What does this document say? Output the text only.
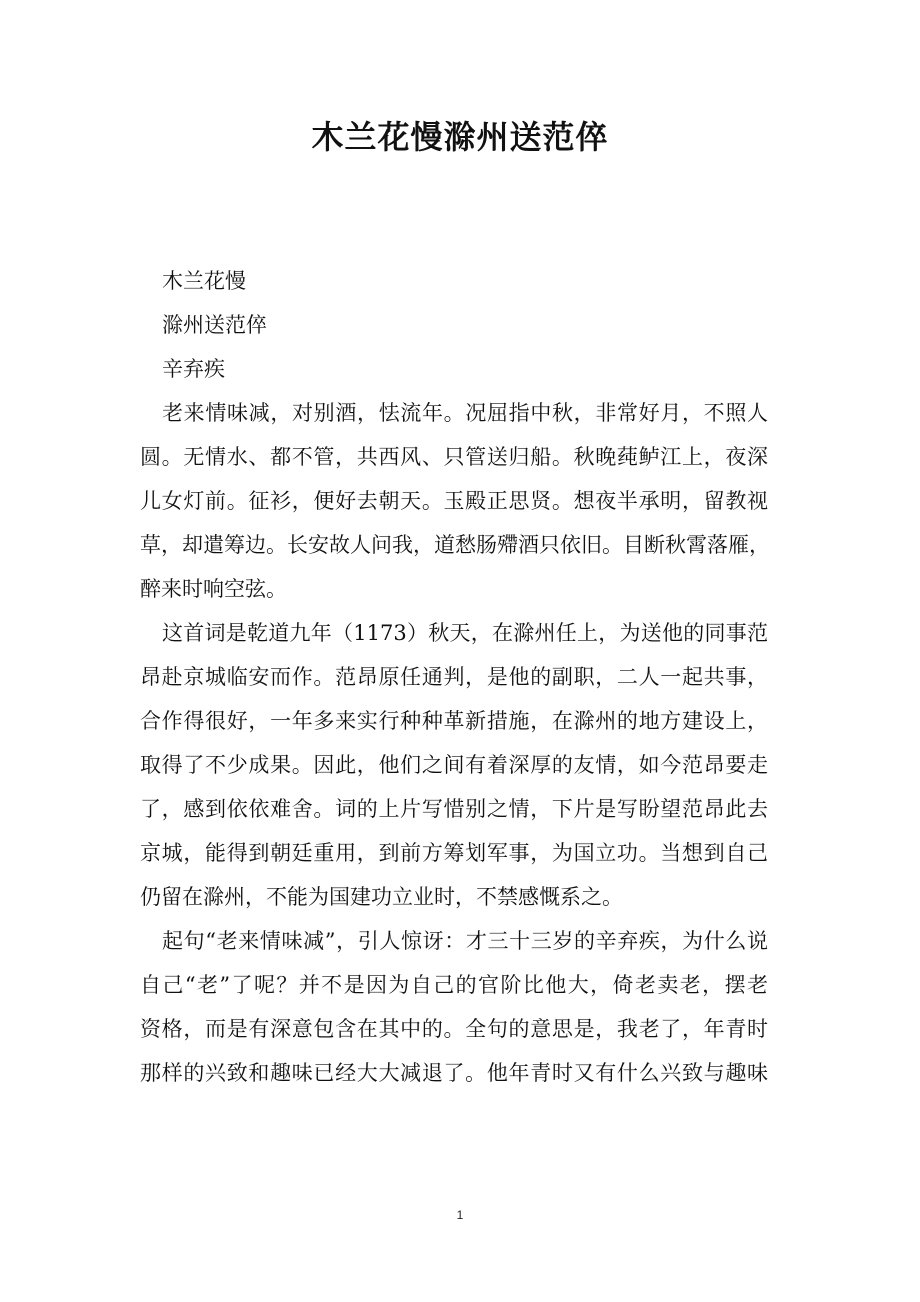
木兰花慢滁州送范倅
木兰花慢
滁州送范倅
辛弃疾
老来情味减，对别酒，怯流年。况屈指中秋，非常好月，不照人
圆。无情水、都不管，共西风、只管送归船。秋晚莼鲈江上，夜深
儿女灯前。征衫，便好去朝天。玉殿正思贤。想夜半承明，留教视
草，却遣筹边。长安故人问我，道愁肠殢酒只依旧。目断秋霄落雁，
醉来时响空弦。
这首词是乾道九年（1173）秋天，在滁州任上，为送他的同事范
昂赴京城临安而作。范昂原任通判，是他的副职，二人一起共事，
合作得很好，一年多来实行种种革新措施，在滁州的地方建设上，
取得了不少成果。因此，他们之间有着深厚的友情，如今范昂要走
了，感到依依难舍。词的上片写惜别之情，下片是写盼望范昂此去
京城，能得到朝廷重用，到前方筹划军事，为国立功。当想到自己
仍留在滁州，不能为国建功立业时，不禁感慨系之。
起句“老来情味减”，引人惊讶：才三十三岁的辛弃疾，为什么说
自己“老”了呢？并不是因为自己的官阶比他大，倚老卖老，摆老
资格，而是有深意包含在其中的。全句的意思是，我老了，年青时
那样的兴致和趣味已经大大减退了。他年青时又有什么兴致与趣味
1
